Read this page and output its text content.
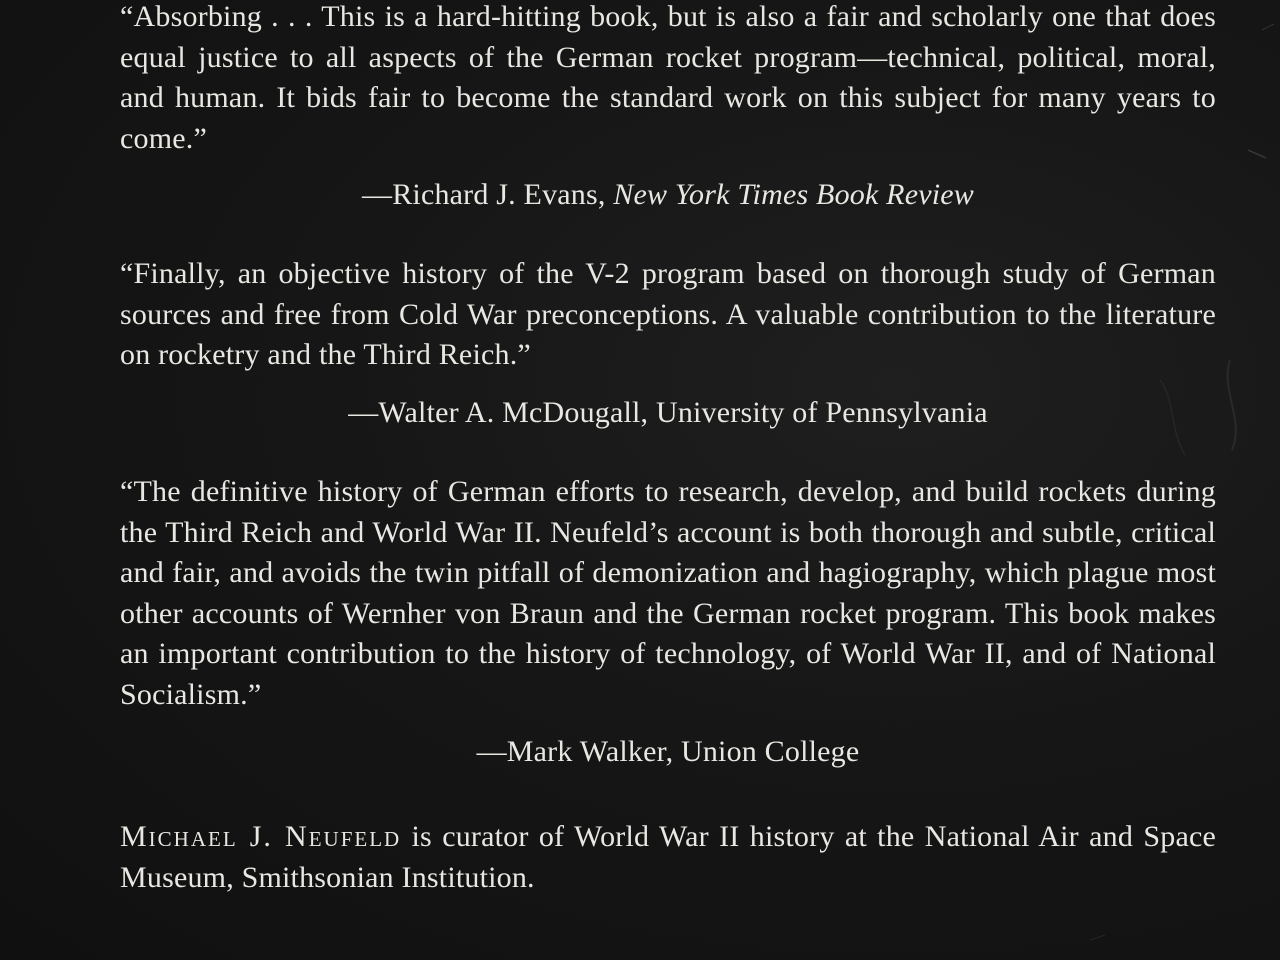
“Absorbing . . . This is a hard-hitting book, but is also a fair and scholarly one that does equal justice to all aspects of the German rocket program—technical, political, moral, and human. It bids fair to become the standard work on this subject for many years to come.”

—Richard J. Evans, New York Times Book Review

“Finally, an objective history of the V-2 program based on thorough study of German sources and free from Cold War preconceptions. A valuable contribution to the literature on rocketry and the Third Reich.”

—Walter A. McDougall, University of Pennsylvania

“The definitive history of German efforts to research, develop, and build rockets during the Third Reich and World War II. Neufeld’s account is both thorough and subtle, critical and fair, and avoids the twin pitfall of demonization and hagiography, which plague most other accounts of Wernher von Braun and the German rocket program. This book makes an important contribution to the history of technology, of World War II, and of National Socialism.”

—Mark Walker, Union College

Michael J. Neufeld is curator of World War II history at the National Air and Space Museum, Smithsonian Institution.
